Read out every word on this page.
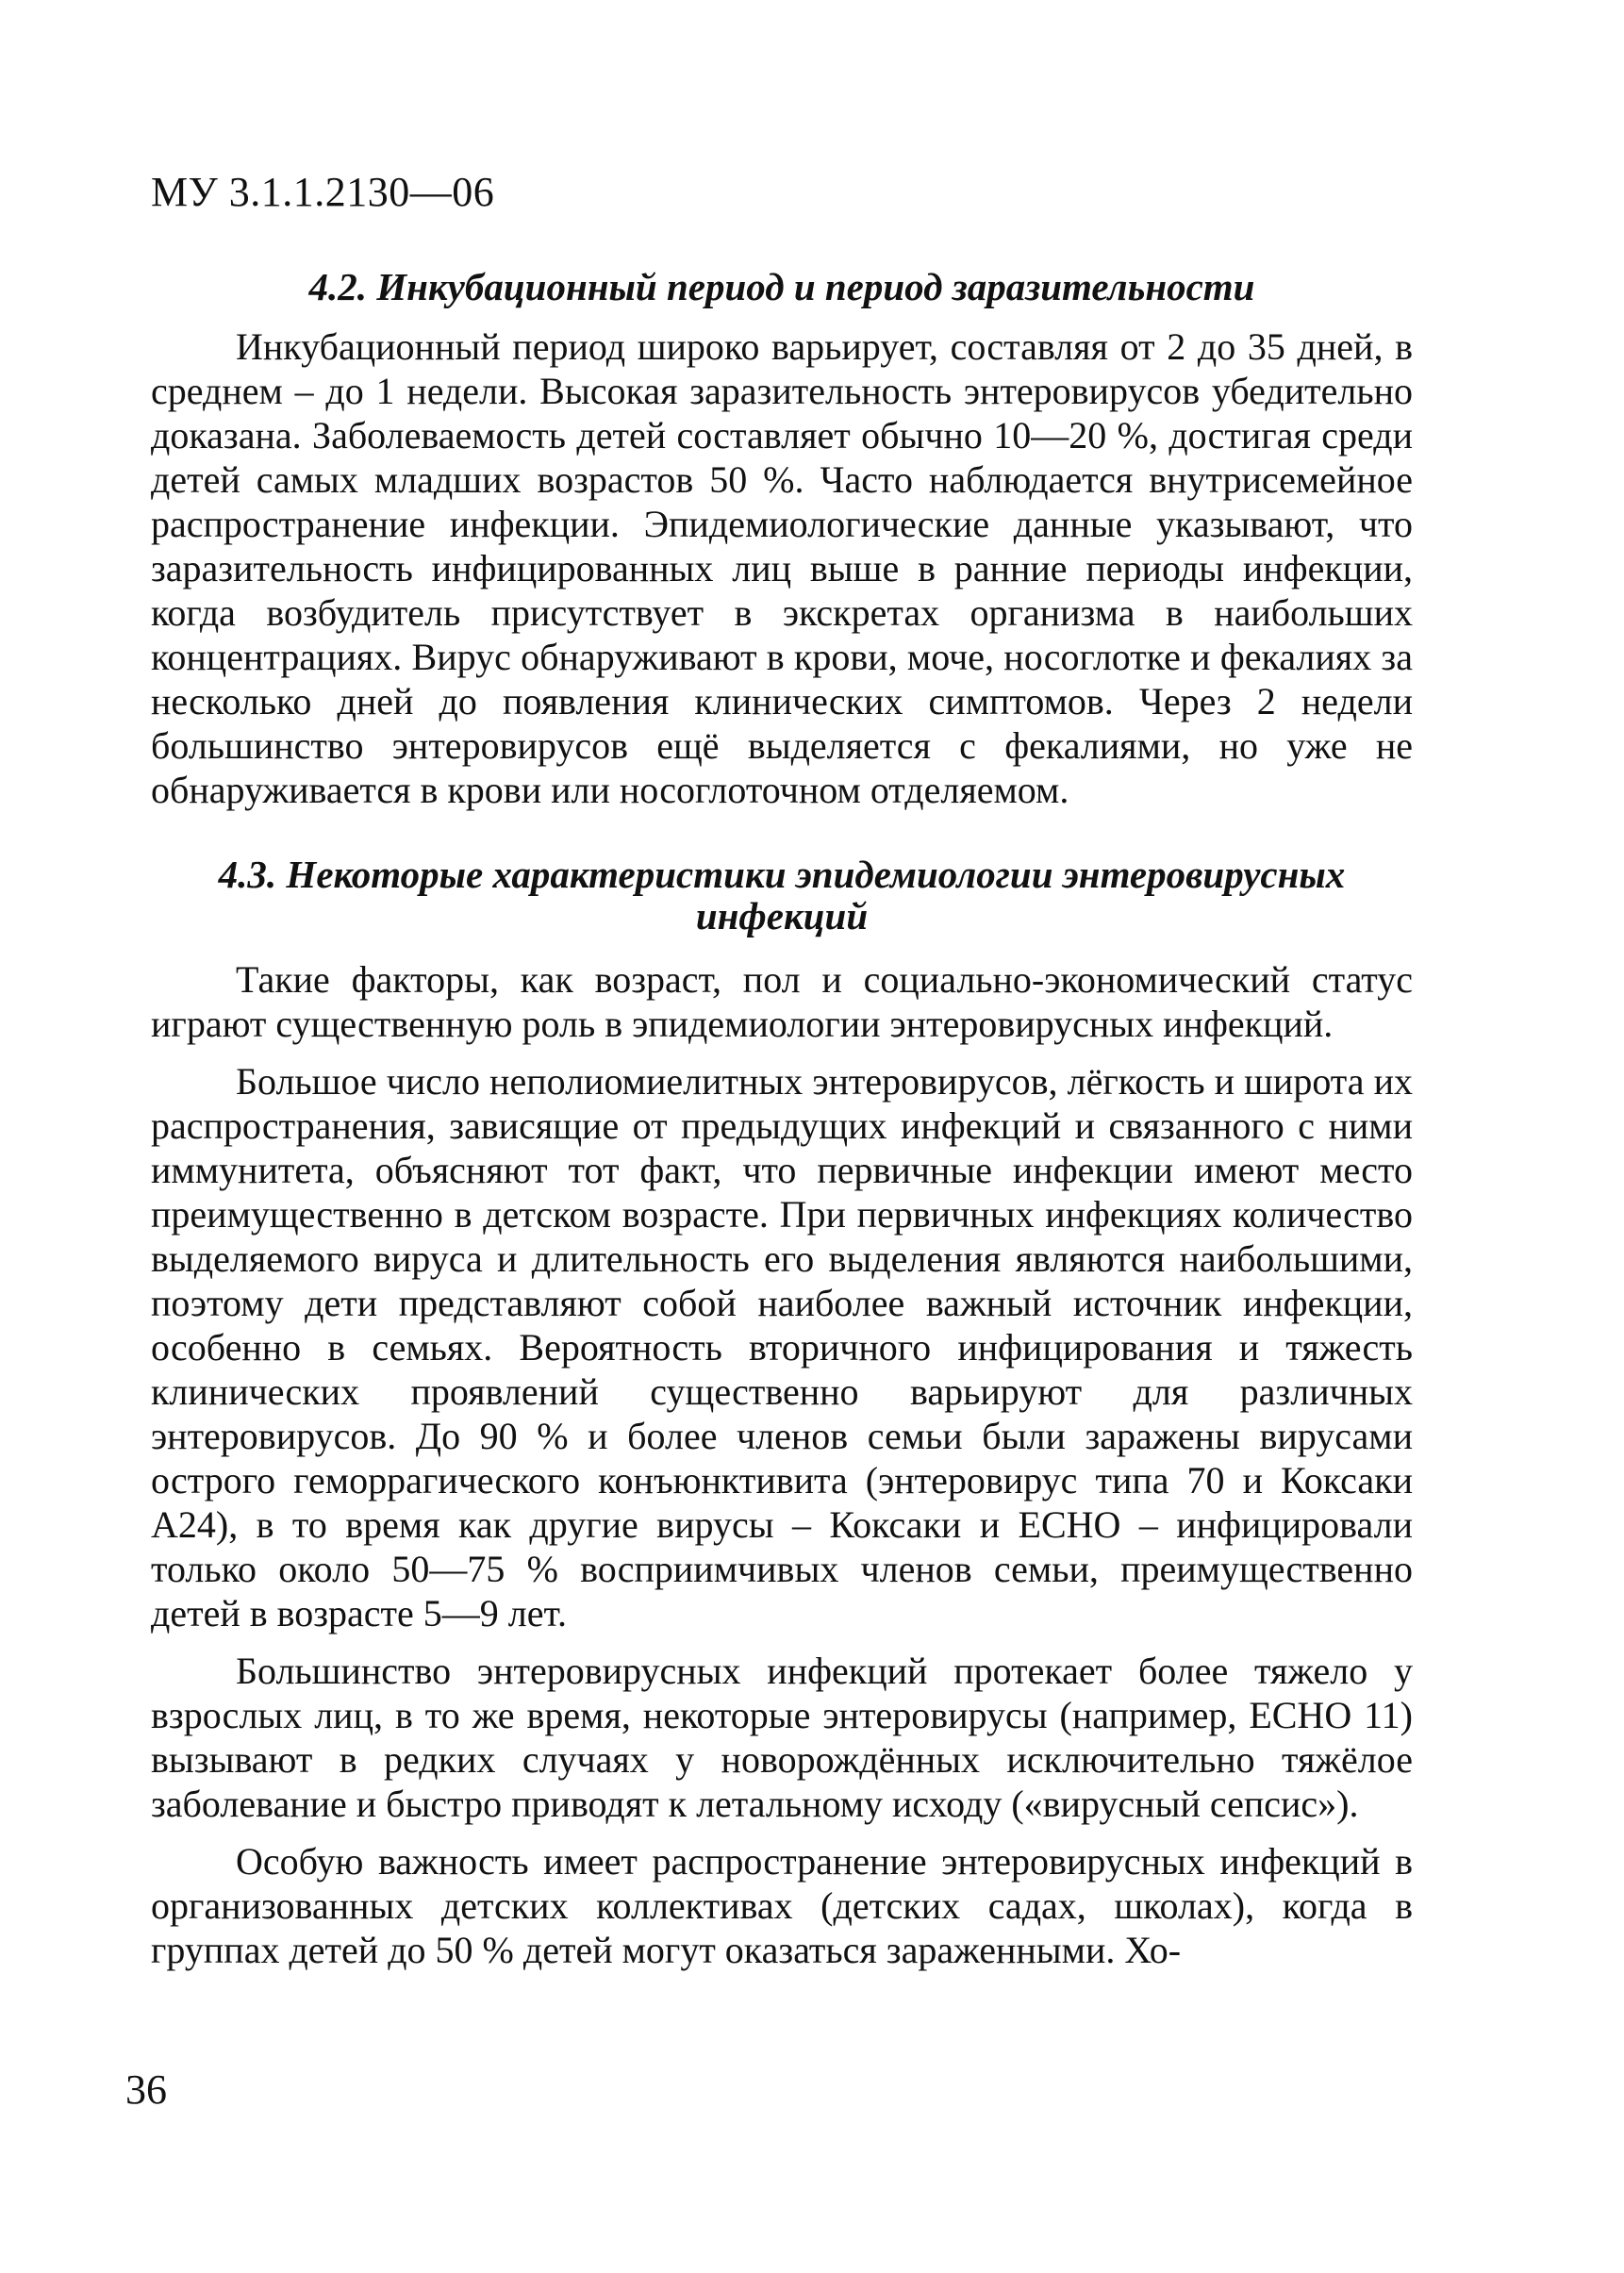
МУ 3.1.1.2130—06
4.2. Инкубационный период и период заразительности

Инкубационный период широко варьирует, составляя от 2 до 35 дней, в среднем – до 1 недели. Высокая заразительность энтеровирусов убедительно доказана. Заболеваемость детей составляет обычно 10—20 %, достигая среди детей самых младших возрастов 50 %. Часто наблюдается внутрисемейное распространение инфекции. Эпидемиологические данные указывают, что заразительность инфицированных лиц выше в ранние периоды инфекции, когда возбудитель присутствует в экскретах организма в наибольших концентрациях. Вирус обнаруживают в крови, моче, носоглотке и фекалиях за несколько дней до появления клинических симптомов. Через 2 недели большинство энтеровирусов ещё выделяется с фекалиями, но уже не обнаруживается в крови или носоглоточном отделяемом.

4.3. Некоторые характеристики эпидемиологии энтеровирусных инфекций

Такие факторы, как возраст, пол и социально-экономический статус играют существенную роль в эпидемиологии энтеровирусных инфекций.

Большое число неполиомиелитных энтеровирусов, лёгкость и широта их распространения, зависящие от предыдущих инфекций и связанного с ними иммунитета, объясняют тот факт, что первичные инфекции имеют место преимущественно в детском возрасте. При первичных инфекциях количество выделяемого вируса и длительность его выделения являются наибольшими, поэтому дети представляют собой наиболее важный источник инфекции, особенно в семьях. Вероятность вторичного инфицирования и тяжесть клинических проявлений существенно варьируют для различных энтеровирусов. До 90 % и более членов семьи были заражены вирусами острого геморрагического конъюнктивита (энтеровирус типа 70 и Коксаки А24), в то время как другие вирусы – Коксаки и ЕСНО – инфицировали только около 50—75 % восприимчивых членов семьи, преимущественно детей в возрасте 5—9 лет.

Большинство энтеровирусных инфекций протекает более тяжело у взрослых лиц, в то же время, некоторые энтеровирусы (например, ЕСНО 11) вызывают в редких случаях у новорождённых исключительно тяжёлое заболевание и быстро приводят к летальному исходу («вирусный сепсис»).

Особую важность имеет распространение энтеровирусных инфекций в организованных детских коллективах (детских садах, школах), когда в группах детей до 50 % детей могут оказаться зараженными. Хо-

36
